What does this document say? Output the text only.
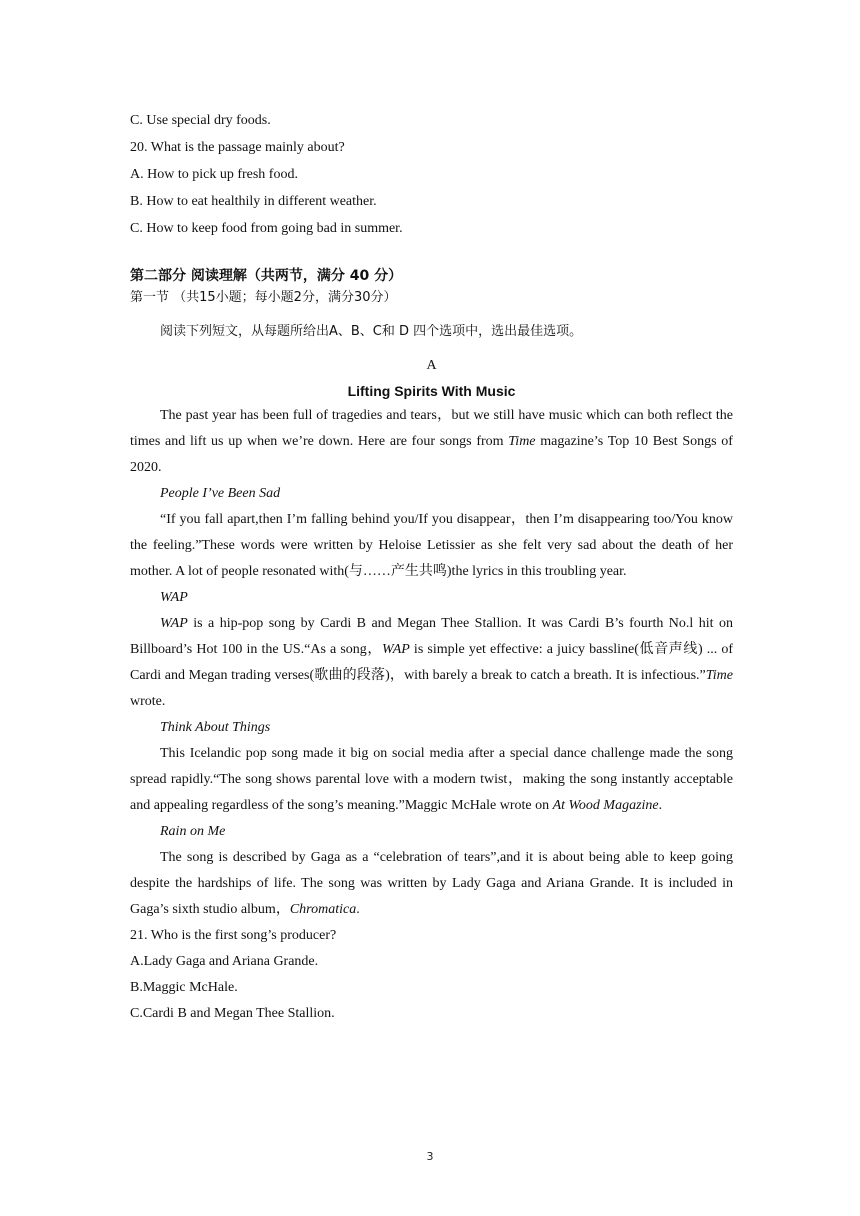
C. Use special dry foods.
20. What is the passage mainly about?
A. How to pick up fresh food.
B. How to eat healthily in different weather.
C. How to keep food from going bad in summer.
第二部分 阅读理解（共两节，满分 40 分）
第一节 （共15小题；每小题2分，满分30分）
阅读下列短文，从每题所给出A、B、C和 D 四个选项中，选出最佳选项。
A
Lifting Spirits With Music
The past year has been full of tragedies and tears，but we still have music which can both reflect the times and lift us up when we’re down. Here are four songs from Time magazine’s Top 10 Best Songs of 2020.
People I’ve Been Sad
“If you fall apart,then I’m falling behind you/If you disappear，then I’m disappearing too/You know the feeling.”These words were written by Heloise Letissier as she felt very sad about the death of her mother. A lot of people resonated with(与……产生共鸣)the lyrics in this troubling year.
WAP
WAP is a hip-pop song by Cardi B and Megan Thee Stallion. It was Cardi B’s fourth No.l hit on Billboard’s Hot 100 in the US.“As a song，WAP is simple yet effective: a juicy bassline(低音声线) ... of Cardi and Megan trading verses(歌曲的段落)，with barely a break to catch a breath. It is infectious.”Time wrote.
Think About Things
This Icelandic pop song made it big on social media after a special dance challenge made the song spread rapidly.“The song shows parental love with a modern twist，making the song instantly acceptable and appealing regardless of the song’s meaning.”Maggic McHale wrote on At Wood Magazine.
Rain on Me
The song is described by Gaga as a “celebration of tears”,and it is about being able to keep going despite the hardships of life. The song was written by Lady Gaga and Ariana Grande. It is included in Gaga’s sixth studio album，Chromatica.
21. Who is the first song’s producer?
A.Lady Gaga and Ariana Grande.
B.Maggic McHale.
C.Cardi B and Megan Thee Stallion.
3
